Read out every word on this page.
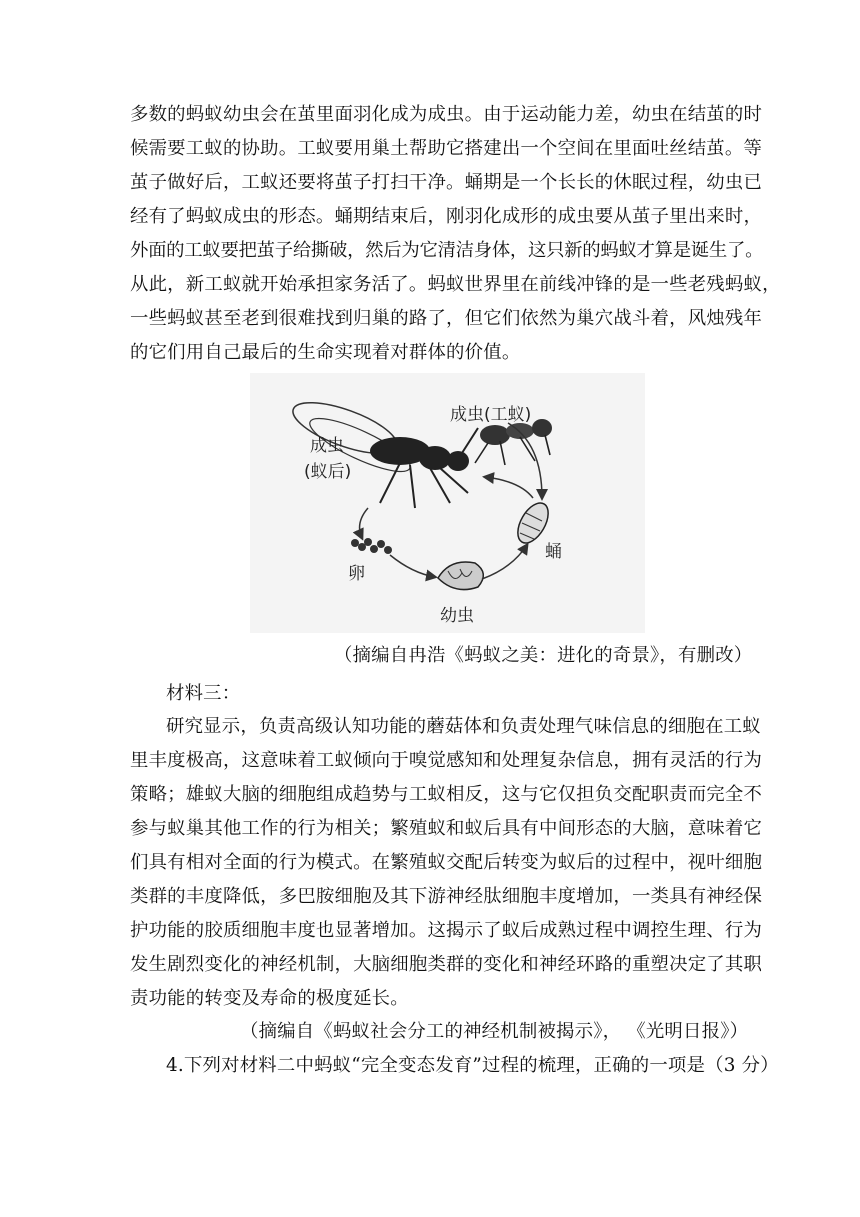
多数的蚂蚁幼虫会在茧里面羽化成为成虫。由于运动能力差，幼虫在结茧的时
候需要工蚁的协助。工蚁要用巢土帮助它搭建出一个空间在里面吐丝结茧。等
茧子做好后，工蚁还要将茧子打扫干净。蛹期是一个长长的休眠过程，幼虫已
经有了蚂蚁成虫的形态。蛹期结束后，刚羽化成形的成虫要从茧子里出来时，
外面的工蚁要把茧子给撕破，然后为它清洁身体，这只新的蚂蚁才算是诞生了。
从此，新工蚁就开始承担家务活了。蚂蚁世界里在前线冲锋的是一些老残蚂蚁，
一些蚂蚁甚至老到很难找到归巢的路了，但它们依然为巢穴战斗着，风烛残年
的它们用自己最后的生命实现着对群体的价值。
成虫
(蚁后)
成虫(工蚁)
卵
幼虫
蛹
（摘编自冉浩《蚂蚁之美：进化的奇景》，有删改）
材料三：
研究显示，负责高级认知功能的蘑菇体和负责处理气味信息的细胞在工蚁
里丰度极高，这意味着工蚁倾向于嗅觉感知和处理复杂信息，拥有灵活的行为
策略；雄蚁大脑的细胞组成趋势与工蚁相反，这与它仅担负交配职责而完全不
参与蚁巢其他工作的行为相关；繁殖蚁和蚁后具有中间形态的大脑，意味着它
们具有相对全面的行为模式。在繁殖蚁交配后转变为蚁后的过程中，视叶细胞
类群的丰度降低，多巴胺细胞及其下游神经肽细胞丰度增加，一类具有神经保
护功能的胶质细胞丰度也显著增加。这揭示了蚁后成熟过程中调控生理、行为
发生剧烈变化的神经机制，大脑细胞类群的变化和神经环路的重塑决定了其职
责功能的转变及寿命的极度延长。
（摘编自《蚂蚁社会分工的神经机制被揭示》， 《光明日报》）
4.下列对材料二中蚂蚁“完全变态发育”过程的梳理，正确的一项是（3 分）
